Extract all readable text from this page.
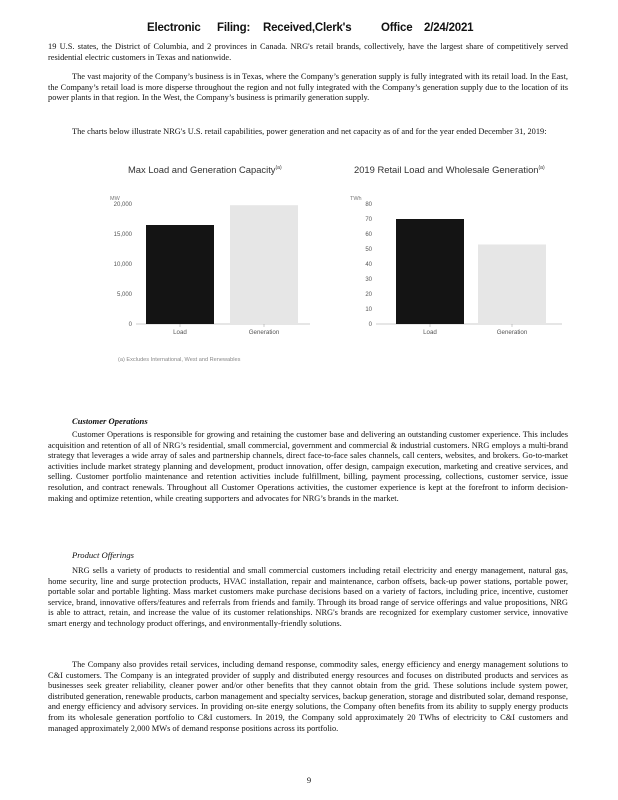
Electronic Filing: Received,Clerk's	Office 2/24/2021

19 U.S. states, the District of Columbia, and 2 provinces in Canada. NRG's retail brands, collectively, have the largest share of competitively served residential electric customers in Texas and nationwide.

The vast majority of the Company’s business is in Texas, where the Company’s generation supply is fully integrated with its retail load. In the East, the Company’s retail load is more disperse throughout the region and not fully integrated with the Company’s generation supply due to the location of its power plants in that region. In the West, the Company’s business is primarily generation supply.

The charts below illustrate NRG's U.S. retail capabilities, power generation and net capacity as of and for the year ended December 31, 2019:

Max Load and Generation Capacity$^{(a)}$
MW
0
5,000
10,000
15,000
20,000
Load	Generation
2019 Retail Load and Wholesale Generation$^{(a)}$
TWh
0
10
20
30
40
50
60
70
80
Load	Generation
(a) Excludes International, West and Renewables
Customer Operations

Customer Operations is responsible for growing and retaining the customer base and delivering an outstanding customer experience. This includes acquisition and retention of all of NRG’s residential, small commercial, government and commercial & industrial customers. NRG employs a multi-brand strategy that leverages a wide array of sales and partnership channels, direct face-to-face sales channels, call centers, websites, and brokers. Go-to-market activities include market strategy planning and development, product innovation, offer design, campaign execution, marketing and creative services, and selling. Customer portfolio maintenance and retention activities include fulfillment, billing, payment processing, collections, customer service, issue resolution, and contract renewals. Throughout all Customer Operations activities, the customer experience is kept at the forefront to inform decision-making and optimize retention, while creating supporters and advocates for NRG’s brands in the market.

Product Offerings

NRG sells a variety of products to residential and small commercial customers including retail electricity and energy management, natural gas, home security, line and surge protection products, HVAC installation, repair and maintenance, carbon offsets, back-up power stations, portable power, portable solar and portable lighting. Mass market customers make purchase decisions based on a variety of factors, including price, incentive, customer service, brand, innovative offers/features and referrals from friends and family. Through its broad range of service offerings and value propositions, NRG is able to attract, retain, and increase the value of its customer relationships. NRG's brands are recognized for exemplary customer service, innovative smart energy and technology product offerings, and environmentally-friendly solutions.

The Company also provides retail services, including demand response, commodity sales, energy efficiency and energy management solutions to C&I customers. The Company is an integrated provider of supply and distributed energy resources and focuses on distributed products and services as businesses seek greater reliability, cleaner power and/or other benefits that they cannot obtain from the grid. These solutions include system power, distributed generation, renewable products, carbon management and specialty services, backup generation, storage and distributed solar, demand response, and energy efficiency and advisory services. In providing on-site energy solutions, the Company often benefits from its ability to supply energy products from its wholesale generation portfolio to C&I customers. In 2019, the Company sold approximately 20 TWhs of electricity to C&I customers and managed approximately 2,000 MWs of demand response positions across its portfolio.

9
